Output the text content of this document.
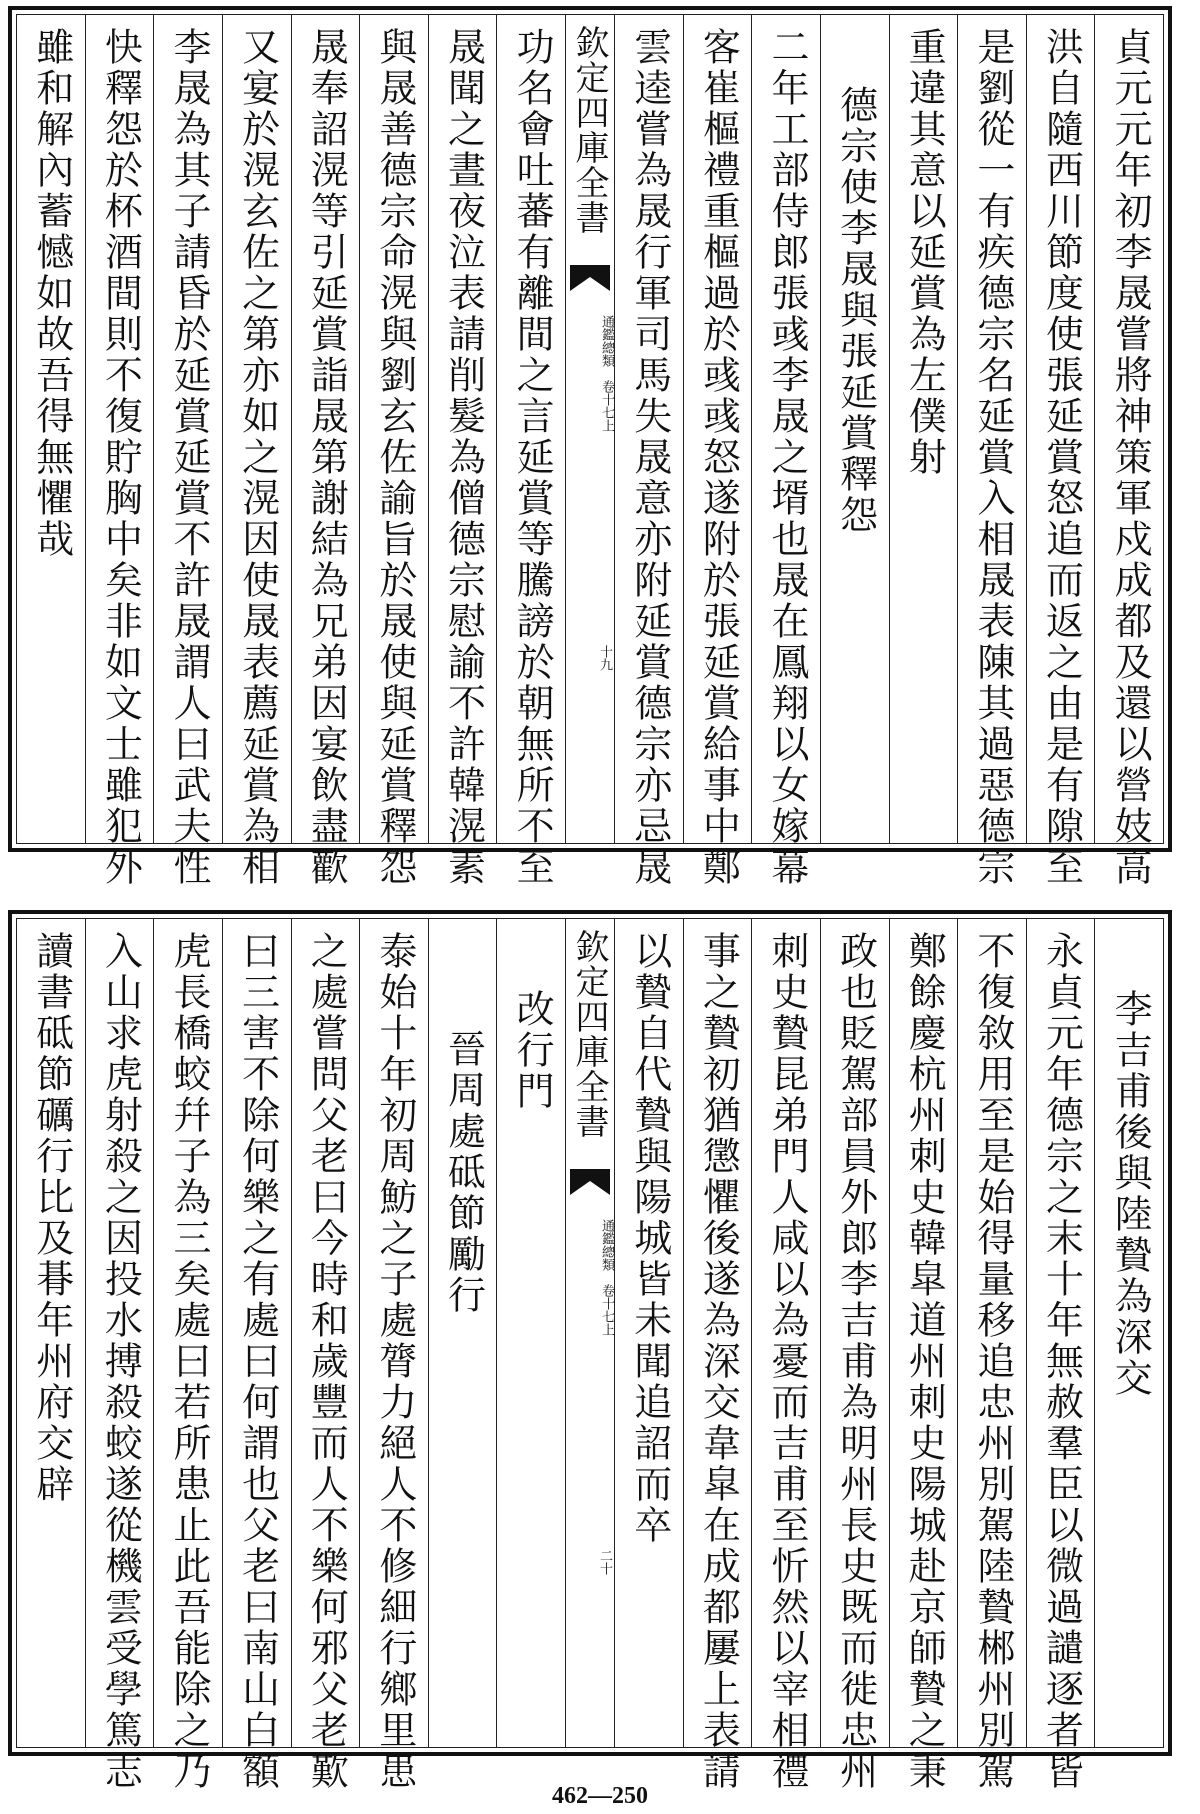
貞元元年初李晟嘗將神策軍戍成都及還以營妓高
洪自隨西川節度使張延賞怒追而返之由是有隙至
是劉從一有疾德宗名延賞入相晟表陳其過惡德宗
重違其意以延賞為左僕射
德宗使李晟與張延賞釋怨
二年工部侍郎張彧李晟之壻也晟在鳳翔以女嫁幕
客崔樞禮重樞過於彧彧怒遂附於張延賞給事中鄭
雲逵嘗為晟行軍司馬失晟意亦附延賞德宗亦忌晟
欽定四庫全書
通鑑總類　卷十七上
十九
功名會吐蕃有離間之言延賞等騰謗於朝無所不至
晟聞之晝夜泣表請削髮為僧德宗慰諭不許韓滉素
與晟善德宗命滉與劉玄佐諭旨於晟使與延賞釋怨
晟奉詔滉等引延賞詣晟第謝結為兄弟因宴飲盡歡
又宴於滉玄佐之第亦如之滉因使晟表薦延賞為相
李晟為其子請昏於延賞延賞不許晟謂人曰武夫性
快釋怨於杯酒間則不復貯胸中矣非如文士雖犯外
雖和解內蓄憾如故吾得無懼哉
李吉甫後與陸贄為深交
永貞元年德宗之末十年無赦羣臣以微過譴逐者皆
不復敘用至是始得量移追忠州別駕陸贄郴州別駕
鄭餘慶杭州刺史韓皐道州刺史陽城赴京師贄之秉
政也貶駕部員外郎李吉甫為明州長史既而徙忠州
刺史贄昆弟門人咸以為憂而吉甫至忻然以宰相禮
事之贄初猶懲懼後遂為深交韋皐在成都屢上表請
以贄自代贄與陽城皆未聞追詔而卒
欽定四庫全書
通鑑總類　卷十七上
二十
改行門
晉周處砥節勵行
泰始十年初周魴之子處膂力絕人不修細行鄉里患
之處嘗問父老曰今時和歲豐而人不樂何邪父老歎
曰三害不除何樂之有處曰何謂也父老曰南山白額
虎長橋蛟幷子為三矣處曰若所患止此吾能除之乃
入山求虎射殺之因投水搏殺蛟遂從機雲受學篤志
讀書砥節礪行比及朞年州府交辟
462—250
